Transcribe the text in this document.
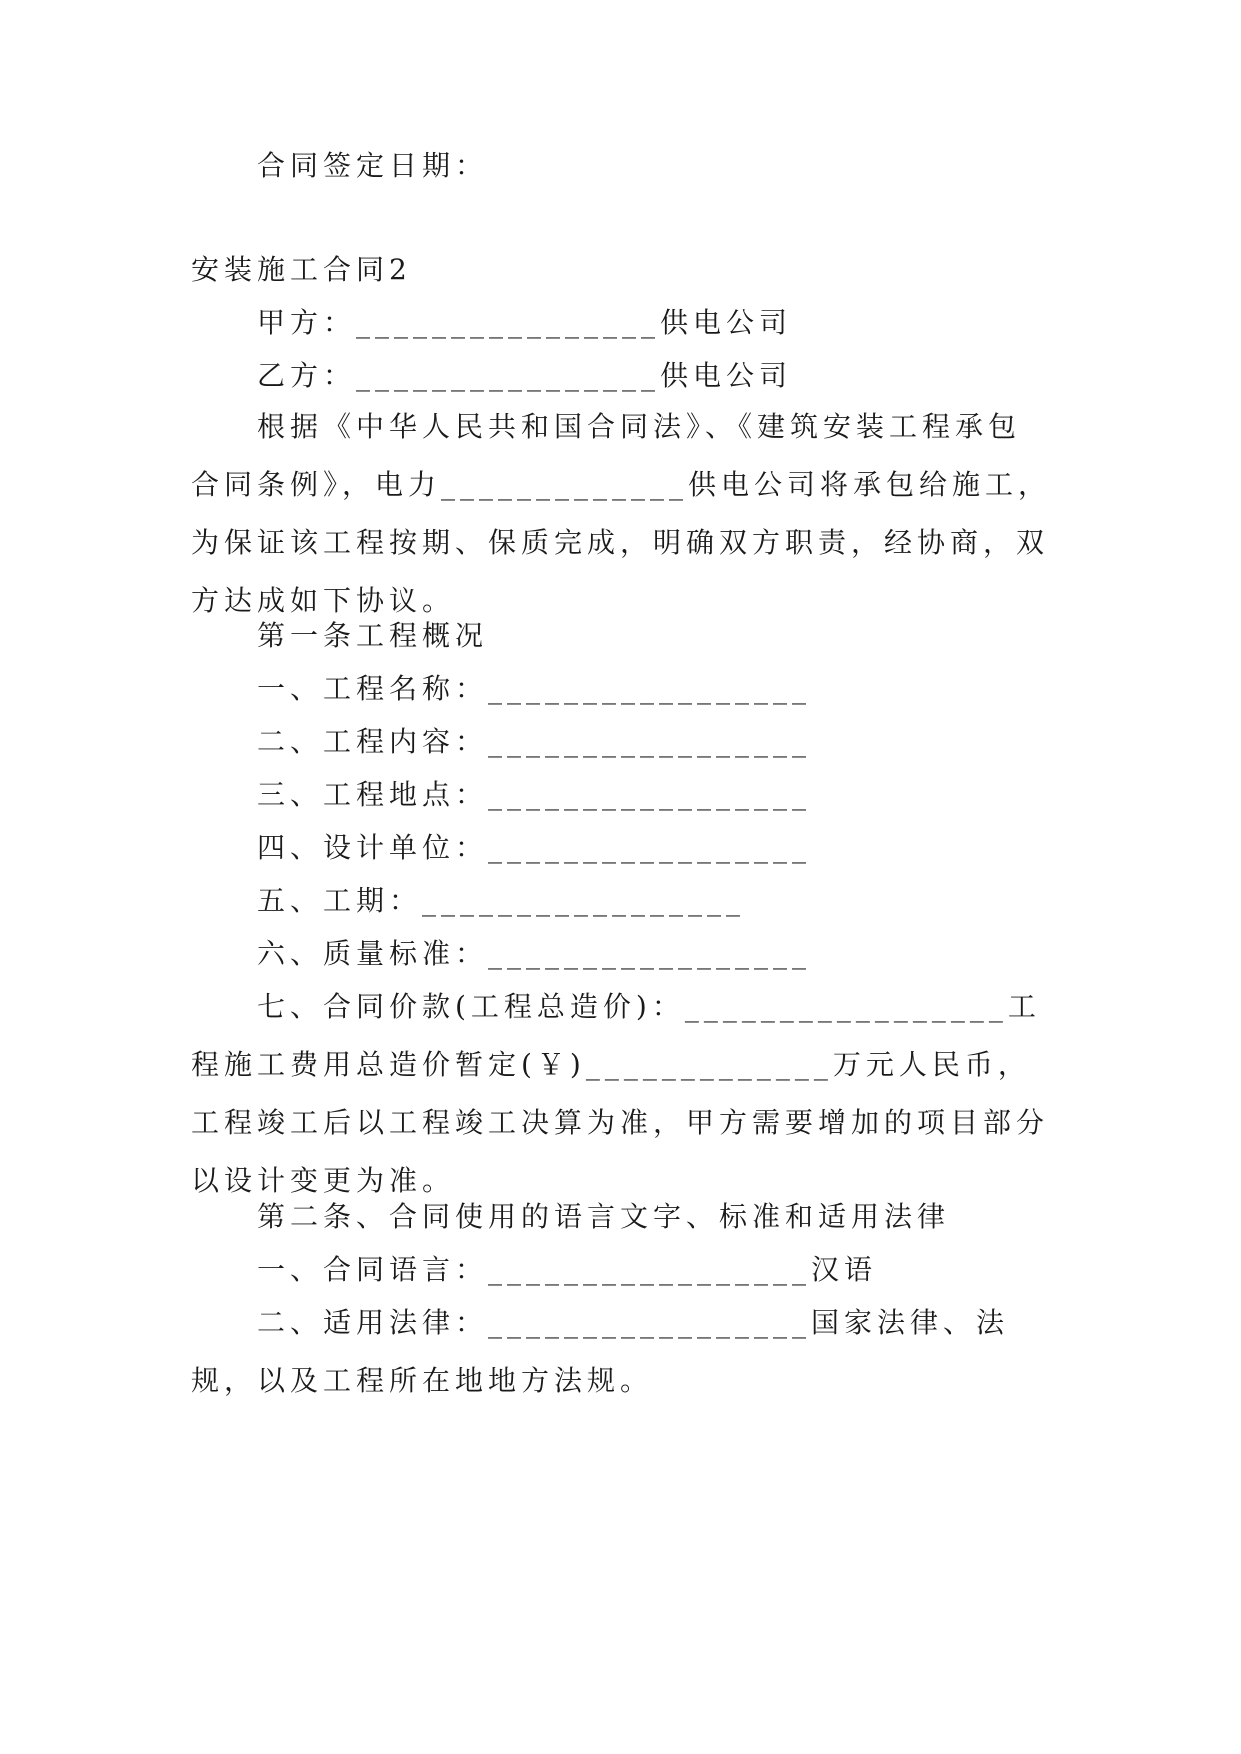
合同签定日期：
安装施工合同2
甲方：________________供电公司
乙方：________________供电公司

根据《中华人民共和国合同法》、《建筑安装工程承包合同条例》，电力_____________供电公司将承包给施工，为保证该工程按期、保质完成，明确双方职责，经协商，双方达成如下协议。

第一条工程概况
一、工程名称：_________________
二、工程内容：_________________
三、工程地点：_________________
四、设计单位：_________________
五、工期：_________________
六、质量标准：_________________

七、合同价款(工程总造价)：_________________工程施工费用总造价暂定(￥)_____________万元人民币，工程竣工后以工程竣工决算为准，甲方需要增加的项目部分以设计变更为准。

第二条、合同使用的语言文字、标准和适用法律
一、合同语言：_________________汉语

二、适用法律：_________________国家法律、法规，以及工程所在地地方法规。
